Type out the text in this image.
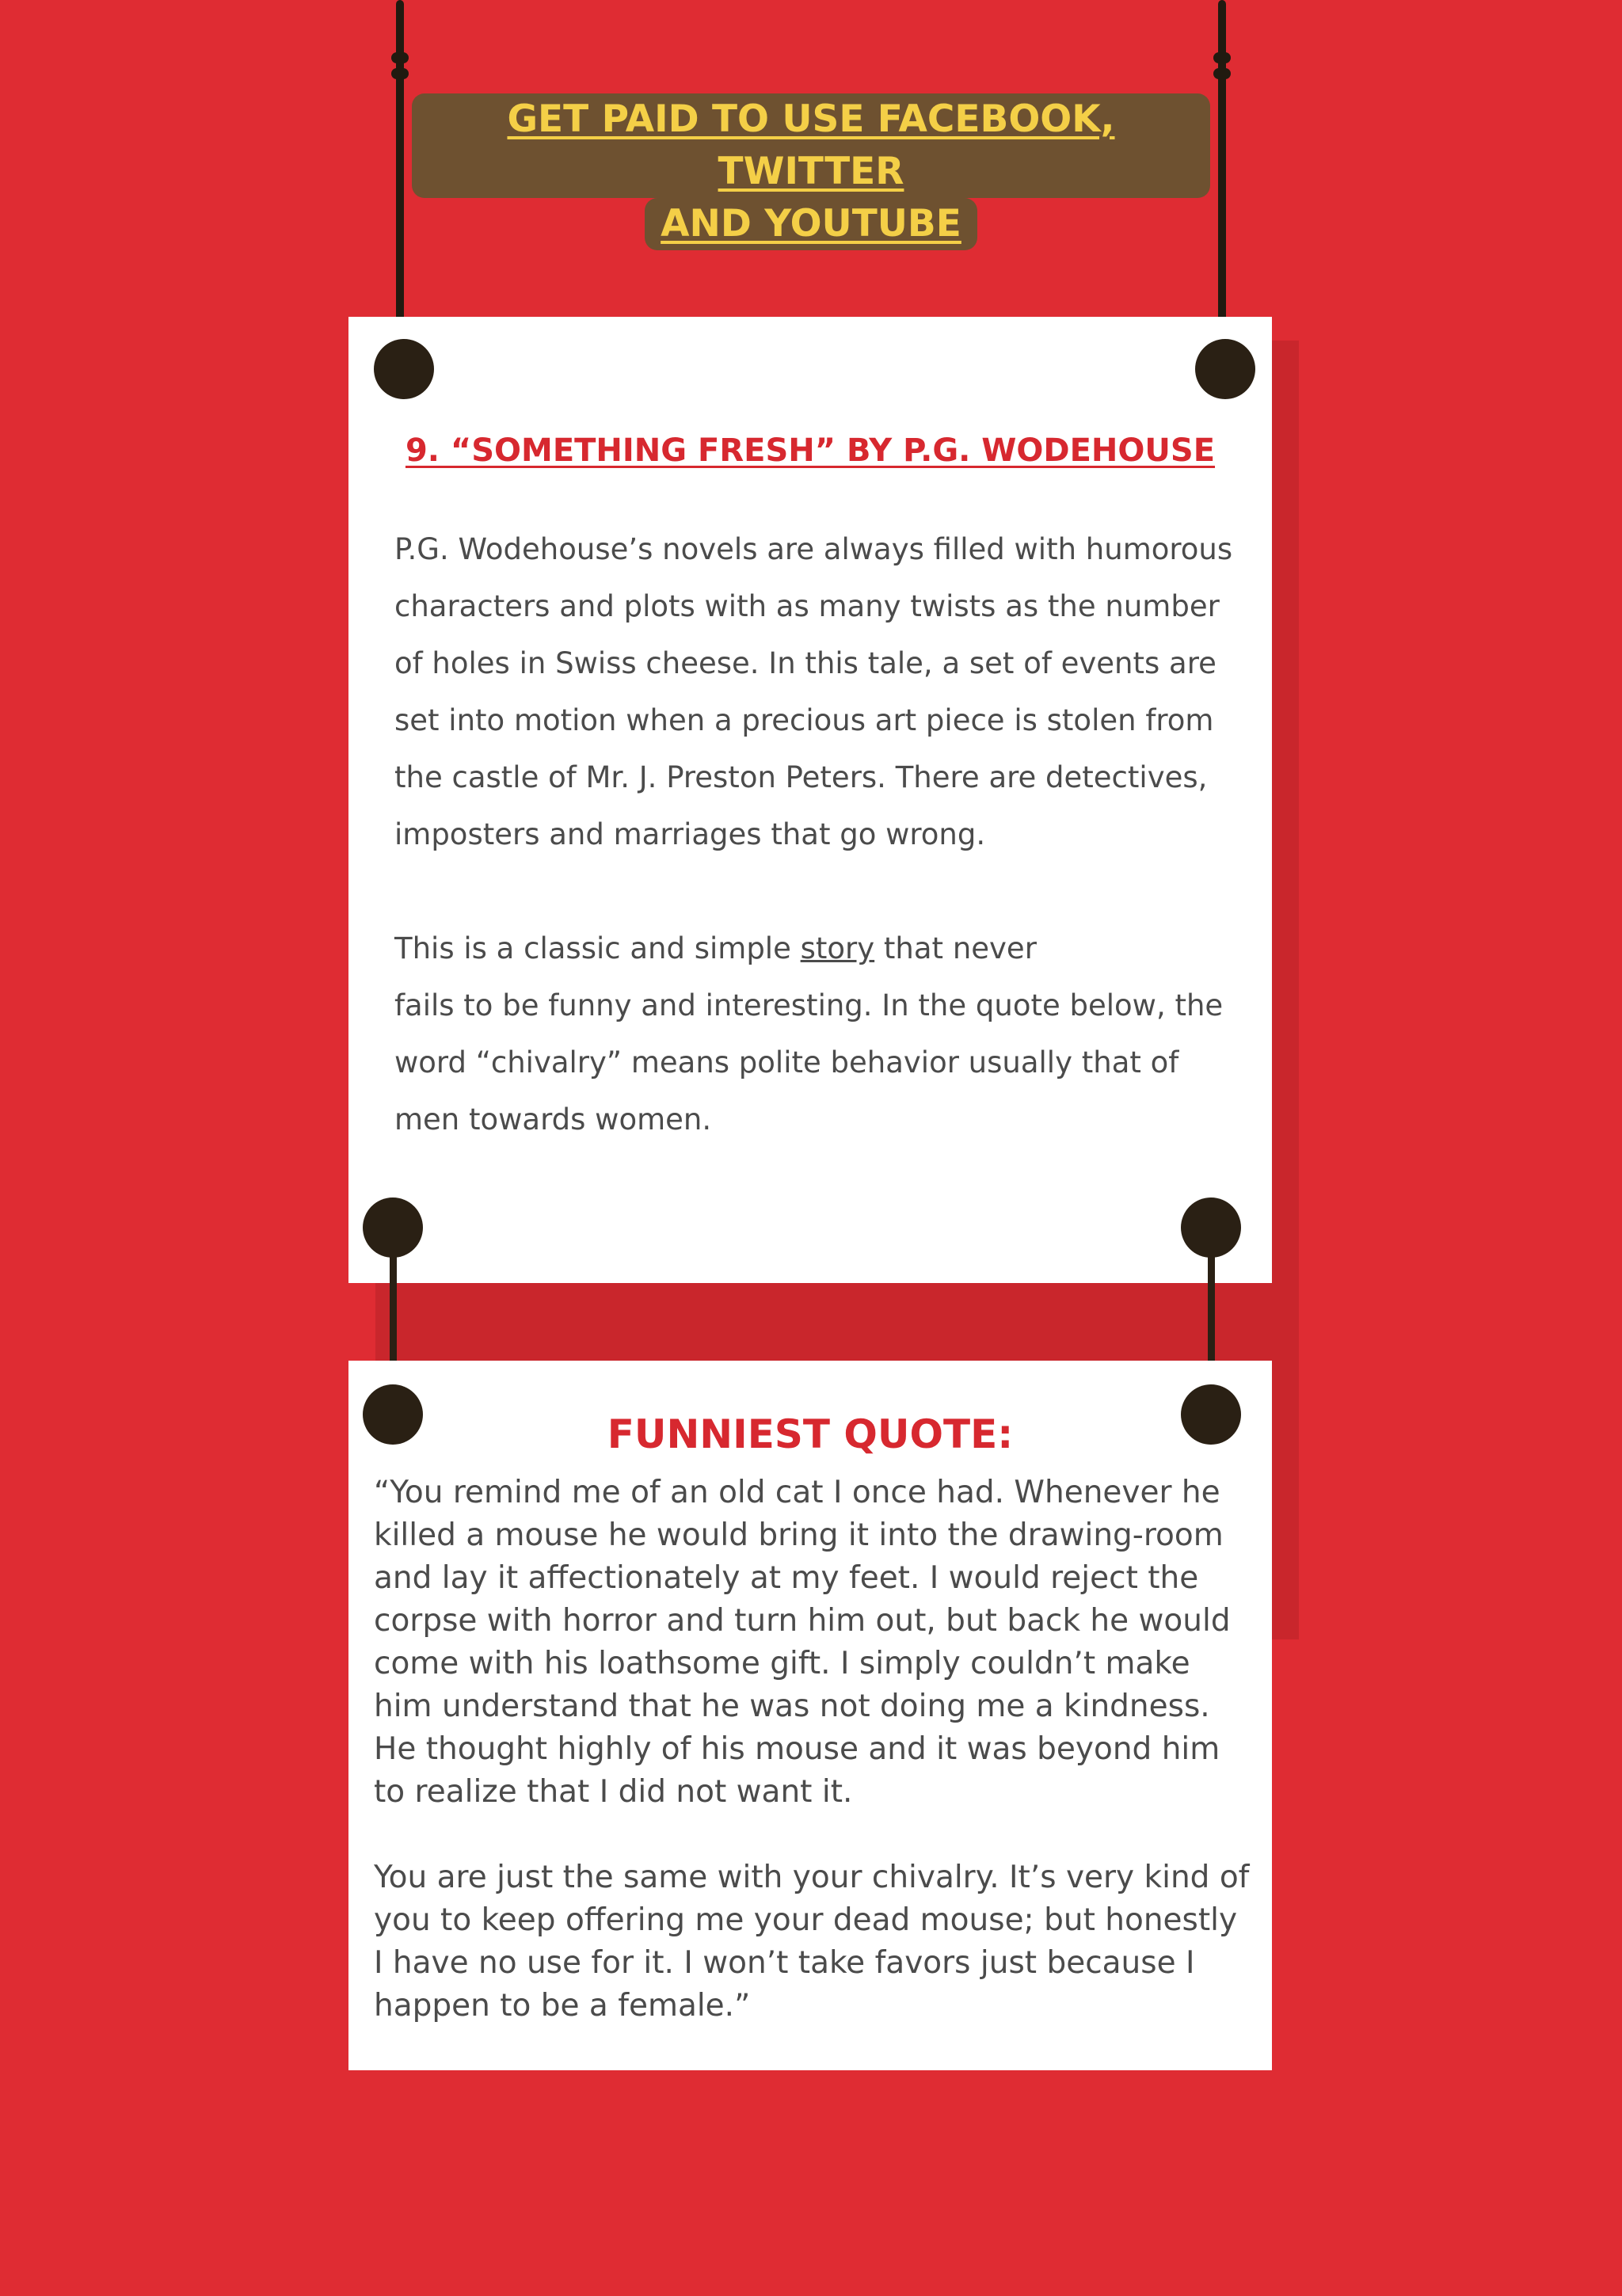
GET PAID TO USE FACEBOOK, TWITTER
AND YOUTUBE
9. “SOMETHING FRESH” BY P.G. WODEHOUSE
P.G. Wodehouse’s novels are always filled with humorous characters and plots with as many twists as the number of holes in Swiss cheese. In this tale, a set of events are set into motion when a precious art piece is stolen from the castle of Mr. J. Preston Peters. There are detectives, imposters and marriages that go wrong.
This is a classic and simple story that never
fails to be funny and interesting. In the quote below, the word “chivalry” means polite behavior usually that of men towards women.
FUNNIEST QUOTE:
“You remind me of an old cat I once had. Whenever he killed a mouse he would bring it into the drawing-room and lay it affectionately at my feet. I would reject the corpse with horror and turn him out, but back he would come with his loathsome gift. I simply couldn’t make him understand that he was not doing me a kindness. He thought highly of his mouse and it was beyond him to realize that I did not want it.
You are just the same with your chivalry. It’s very kind of you to keep offering me your dead mouse; but honestly I have no use for it. I won’t take favors just because I happen to be a female.”
